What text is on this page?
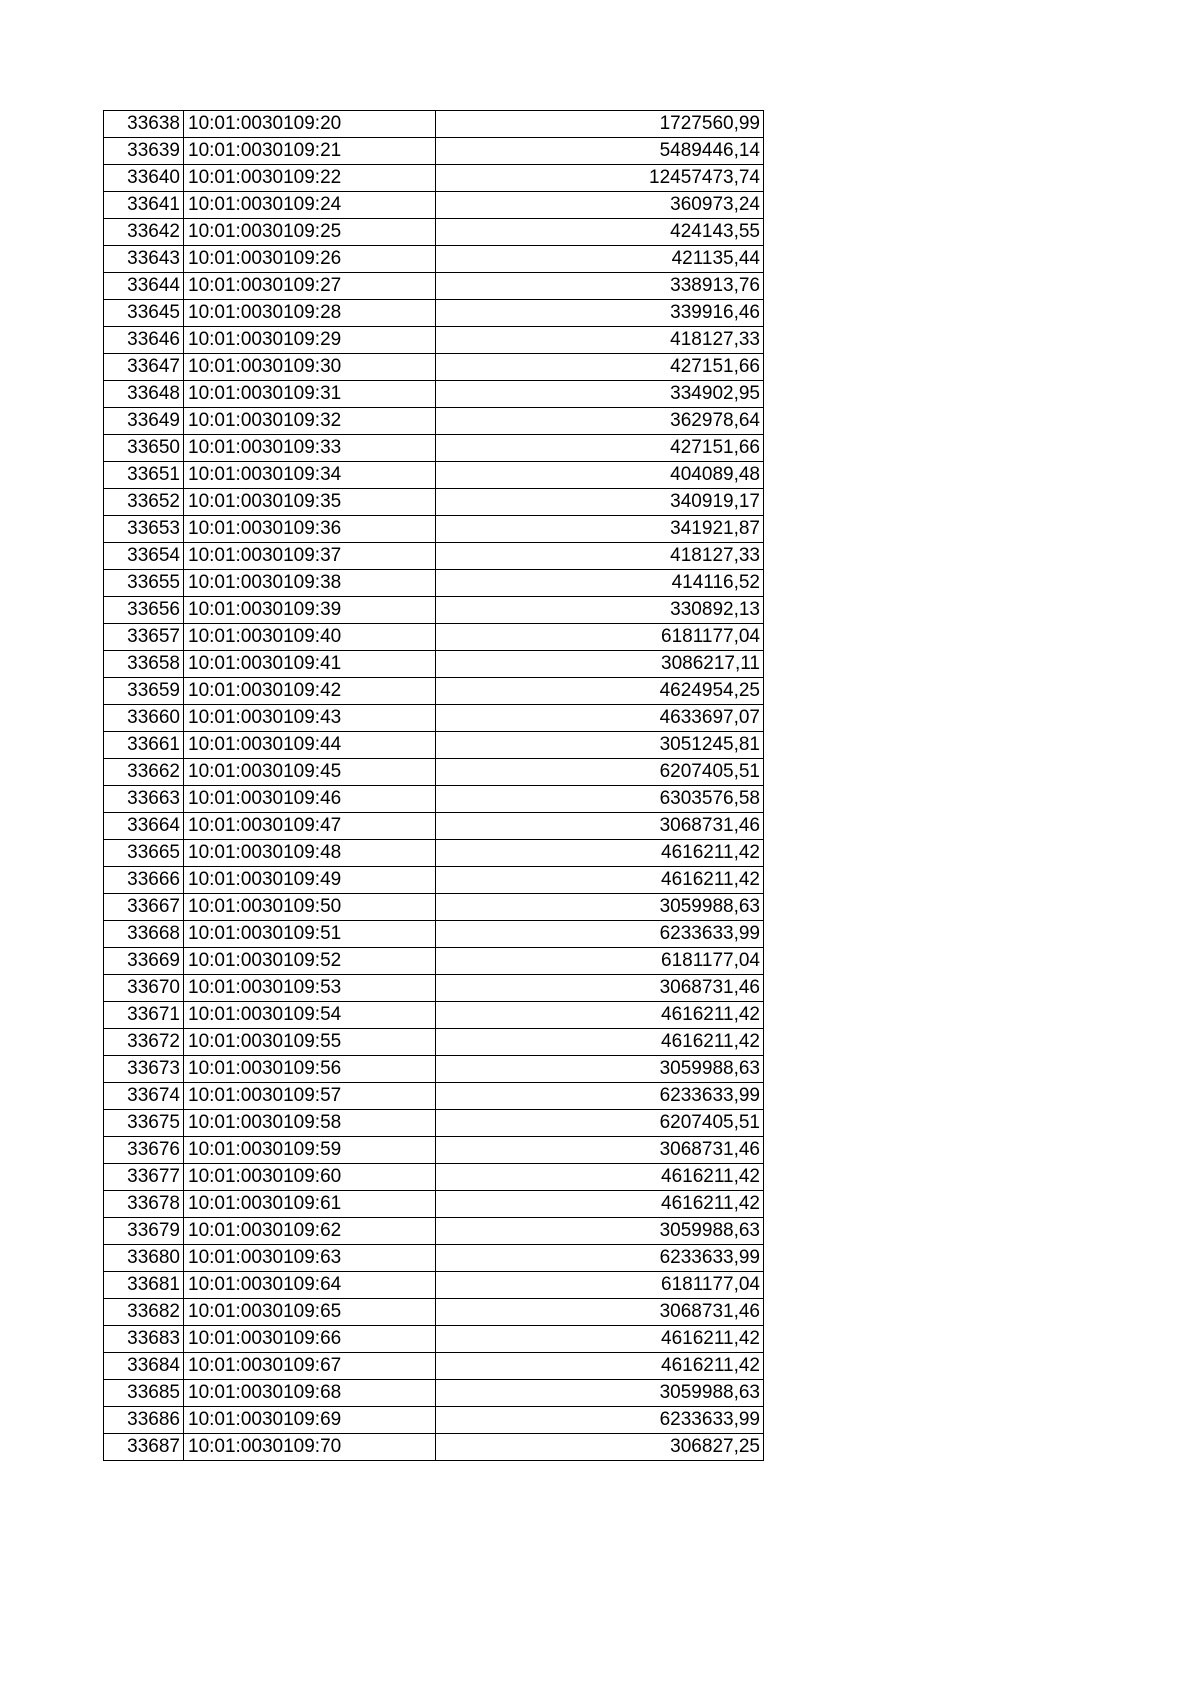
33638	10:01:0030109:20	1727560,99
33639	10:01:0030109:21	5489446,14
33640	10:01:0030109:22	12457473,74
33641	10:01:0030109:24	360973,24
33642	10:01:0030109:25	424143,55
33643	10:01:0030109:26	421135,44
33644	10:01:0030109:27	338913,76
33645	10:01:0030109:28	339916,46
33646	10:01:0030109:29	418127,33
33647	10:01:0030109:30	427151,66
33648	10:01:0030109:31	334902,95
33649	10:01:0030109:32	362978,64
33650	10:01:0030109:33	427151,66
33651	10:01:0030109:34	404089,48
33652	10:01:0030109:35	340919,17
33653	10:01:0030109:36	341921,87
33654	10:01:0030109:37	418127,33
33655	10:01:0030109:38	414116,52
33656	10:01:0030109:39	330892,13
33657	10:01:0030109:40	6181177,04
33658	10:01:0030109:41	3086217,11
33659	10:01:0030109:42	4624954,25
33660	10:01:0030109:43	4633697,07
33661	10:01:0030109:44	3051245,81
33662	10:01:0030109:45	6207405,51
33663	10:01:0030109:46	6303576,58
33664	10:01:0030109:47	3068731,46
33665	10:01:0030109:48	4616211,42
33666	10:01:0030109:49	4616211,42
33667	10:01:0030109:50	3059988,63
33668	10:01:0030109:51	6233633,99
33669	10:01:0030109:52	6181177,04
33670	10:01:0030109:53	3068731,46
33671	10:01:0030109:54	4616211,42
33672	10:01:0030109:55	4616211,42
33673	10:01:0030109:56	3059988,63
33674	10:01:0030109:57	6233633,99
33675	10:01:0030109:58	6207405,51
33676	10:01:0030109:59	3068731,46
33677	10:01:0030109:60	4616211,42
33678	10:01:0030109:61	4616211,42
33679	10:01:0030109:62	3059988,63
33680	10:01:0030109:63	6233633,99
33681	10:01:0030109:64	6181177,04
33682	10:01:0030109:65	3068731,46
33683	10:01:0030109:66	4616211,42
33684	10:01:0030109:67	4616211,42
33685	10:01:0030109:68	3059988,63
33686	10:01:0030109:69	6233633,99
33687	10:01:0030109:70	306827,25
